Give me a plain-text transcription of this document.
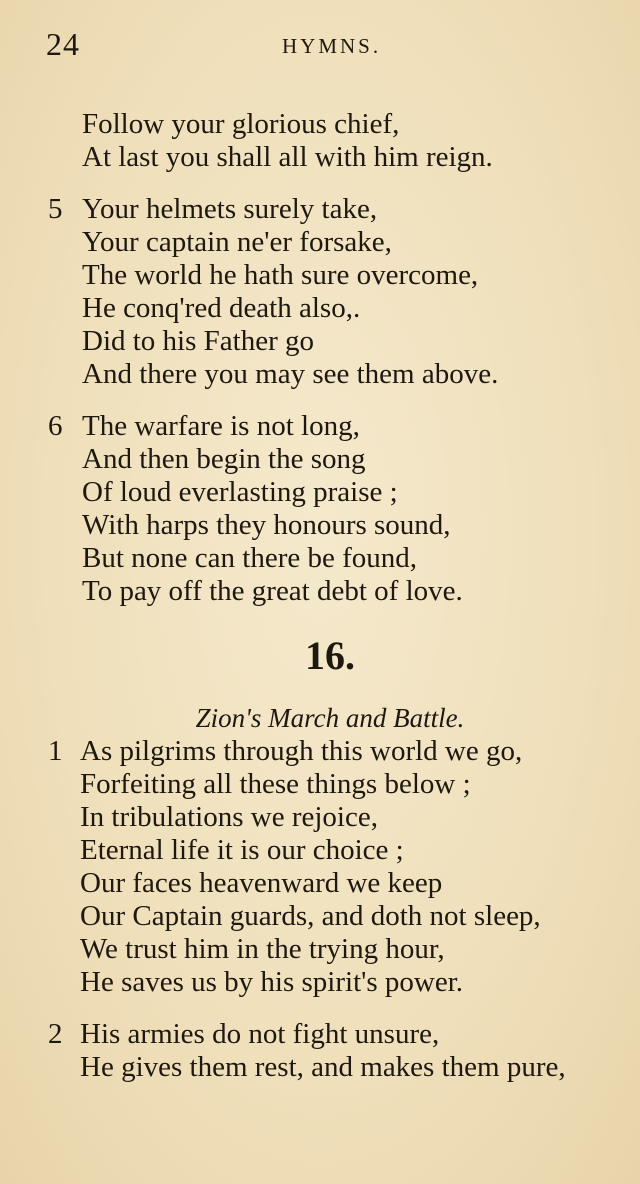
24	HYMNS.
Follow your glorious chief,
At last you shall all with him reign.
5 Your helmets surely take,
Your captain ne'er forsake,
The world he hath sure overcome,
He conq'red death also,.
Did to his Father go
And there you may see them above.
6 The warfare is not long,
And then begin the song
Of loud everlasting praise ;
With harps they honours sound,
But none can there be found,
To pay off the great debt of love.
16.
Zion's March and Battle.
1 As pilgrims through this world we go,
Forfeiting all these things below ;
In tribulations we rejoice,
Eternal life it is our choice ;
Our faces heavenward we keep
Our Captain guards, and doth not sleep,
We trust him in the trying hour,
He saves us by his spirit's power.
2 His armies do not fight unsure,
He gives them rest, and makes them pure,
